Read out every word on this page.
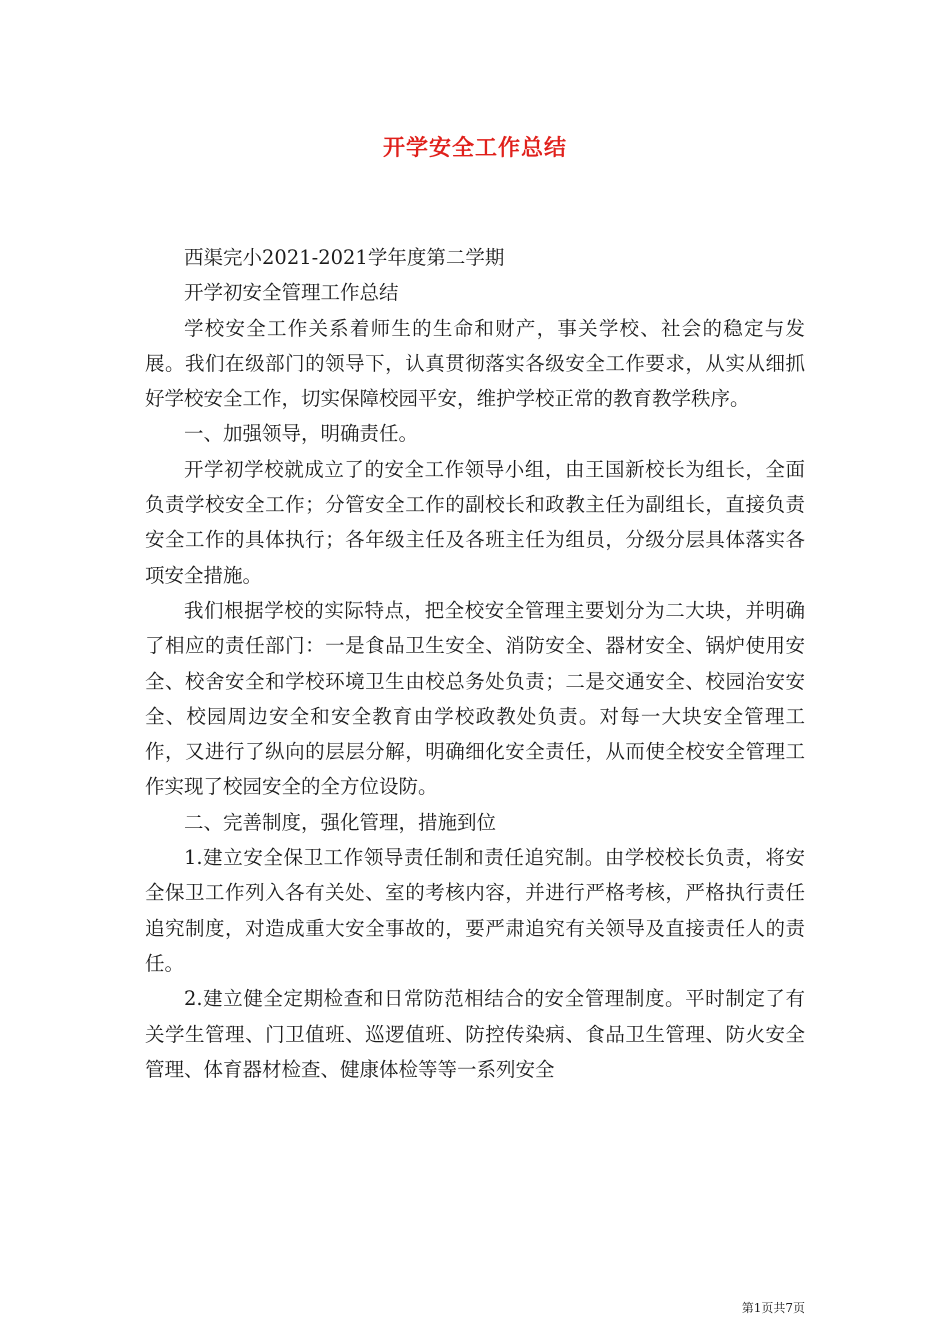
开学安全工作总结

西渠完小2021-2021学年度第二学期

开学初安全管理工作总结

学校安全工作关系着师生的生命和财产，事关学校、社会的稳定与发展。我们在级部门的领导下，认真贯彻落实各级安全工作要求，从实从细抓好学校安全工作，切实保障校园平安，维护学校正常的教育教学秩序。

一、加强领导，明确责任。

开学初学校就成立了的安全工作领导小组，由王国新校长为组长，全面负责学校安全工作；分管安全工作的副校长和政教主任为副组长，直接负责安全工作的具体执行；各年级主任及各班主任为组员，分级分层具体落实各项安全措施。

我们根据学校的实际特点，把全校安全管理主要划分为二大块，并明确了相应的责任部门：一是食品卫生安全、消防安全、器材安全、锅炉使用安全、校舍安全和学校环境卫生由校总务处负责；二是交通安全、校园治安安全、校园周边安全和安全教育由学校政教处负责。对每一大块安全管理工作，又进行了纵向的层层分解，明确细化安全责任，从而使全校安全管理工作实现了校园安全的全方位设防。

二、完善制度，强化管理，措施到位

1.建立安全保卫工作领导责任制和责任追究制。由学校校长负责，将安全保卫工作列入各有关处、室的考核内容，并进行严格考核，严格执行责任追究制度，对造成重大安全事故的，要严肃追究有关领导及直接责任人的责任。

2.建立健全定期检查和日常防范相结合的安全管理制度。平时制定了有关学生管理、门卫值班、巡逻值班、防控传染病、食品卫生管理、防火安全管理、体育器材检查、健康体检等等一系列安全

第1页共7页
